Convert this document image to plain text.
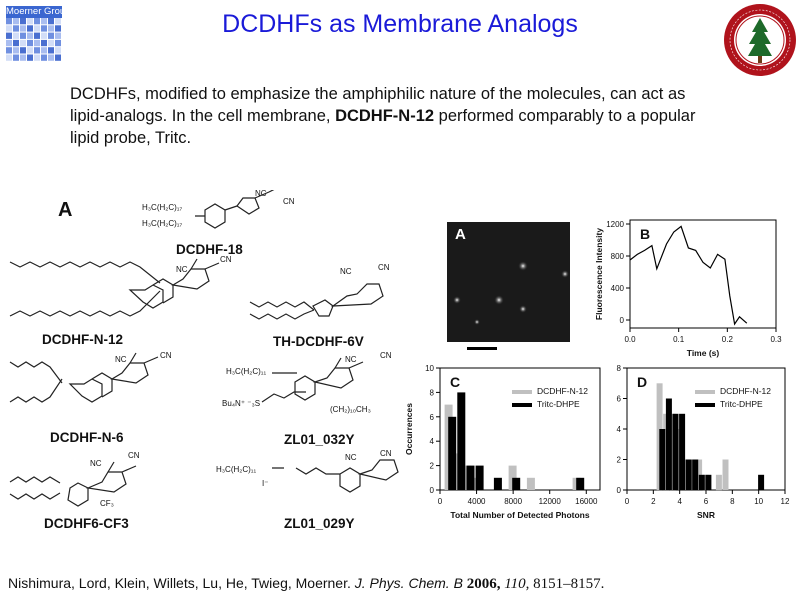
Moerner Group	DCDHFs as Membrane Analogs
DCDHFs, modified to emphasize the amphiphilic nature of the molecules, can act as lipid-analogs. In the cell membrane, DCDHF-N-12 performed comparably to a popular lipid probe, Tritc.
A	H₃C(H₂C)₁₇
H₃C(H₂C)₁₇
NC
CN
NC
CN
NC	CN
NC	CN
H₃C(H₂C)₁₁
Bu₄N⁺ ⁻₃S
(CH₂)₁₀CH₃
NC	CN
NC
CN
CF₃
H₃C(H₂C)₁₁
I⁻
NC	CN
DCDHF-18
DCDHF-N-12	TH-DCDHF-6V
DCDHF-N-6	ZL01_032Y
DCDHF6-CF3	ZL01_029Y
A
0.0	0.1	0.2	0.3
0
400
800
1200
Time (s)
Fluorescence Intensity	B
0	4000 8000 12000 16000
0
2
4
6
8
10
Total Number of Detected Photons
Occurrences
C
DCDHF-N-12
Tritc-DHPE
0	2	4	6	8 10 12
0
2
4
6
8
SNR
D
DCDHF-N-12
Tritc-DHPE
Nishimura, Lord, Klein, Willets, Lu, He, Twieg, Moerner. J. Phys. Chem. B 2006, 110, 8151–8157.
